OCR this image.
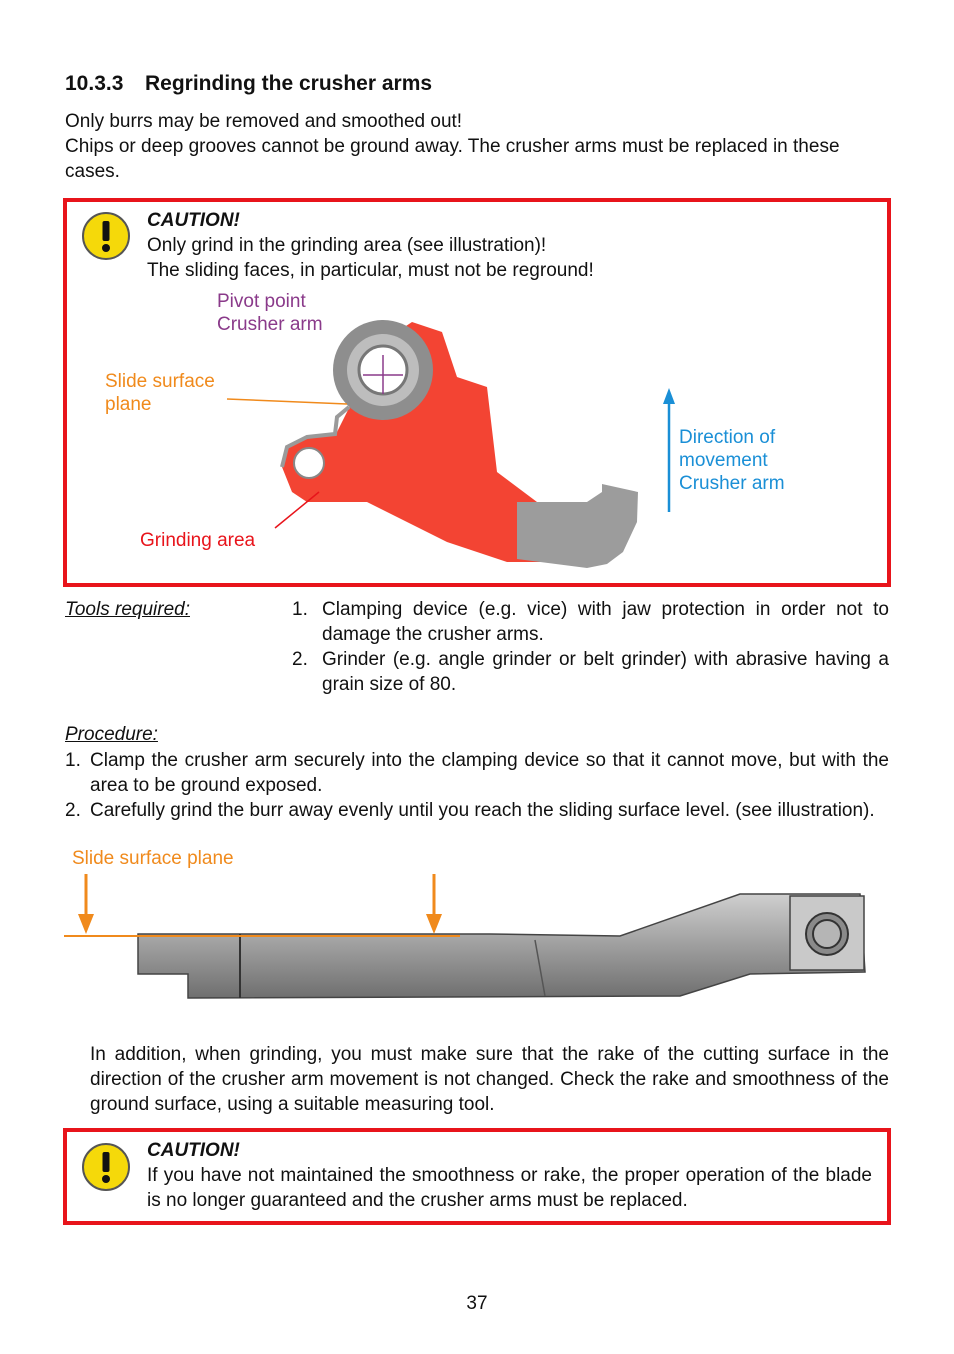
10.3.3 Regrinding the crusher arms
Only burrs may be removed and smoothed out!
Chips or deep grooves cannot be ground away. The crusher arms must be replaced in these cases.
CAUTION!
Only grind in the grinding area (see illustration)!
The sliding faces, in particular, must not be reground!
Pivot point
Crusher arm
Slide surface
plane
Grinding area
Direction of
movement
Crusher arm
Tools required:	1. Clamping device (e.g. vice) with jaw protection in order not to damage the crusher arms.
2. Grinder (e.g. angle grinder or belt grinder) with abrasive having a grain size of 80.
Procedure:
1. Clamp the crusher arm securely into the clamping device so that it cannot move, but with the area to be ground exposed.
2. Carefully grind the burr away evenly until you reach the sliding surface level. (see illustration).
Slide surface plane
In addition, when grinding, you must make sure that the rake of the cutting surface in the direction of the crusher arm movement is not changed. Check the rake and smoothness of the ground surface, using a suitable measuring tool.
CAUTION!
If you have not maintained the smoothness or rake, the proper operation of the blade is no longer guaranteed and the crusher arms must be replaced.
37
